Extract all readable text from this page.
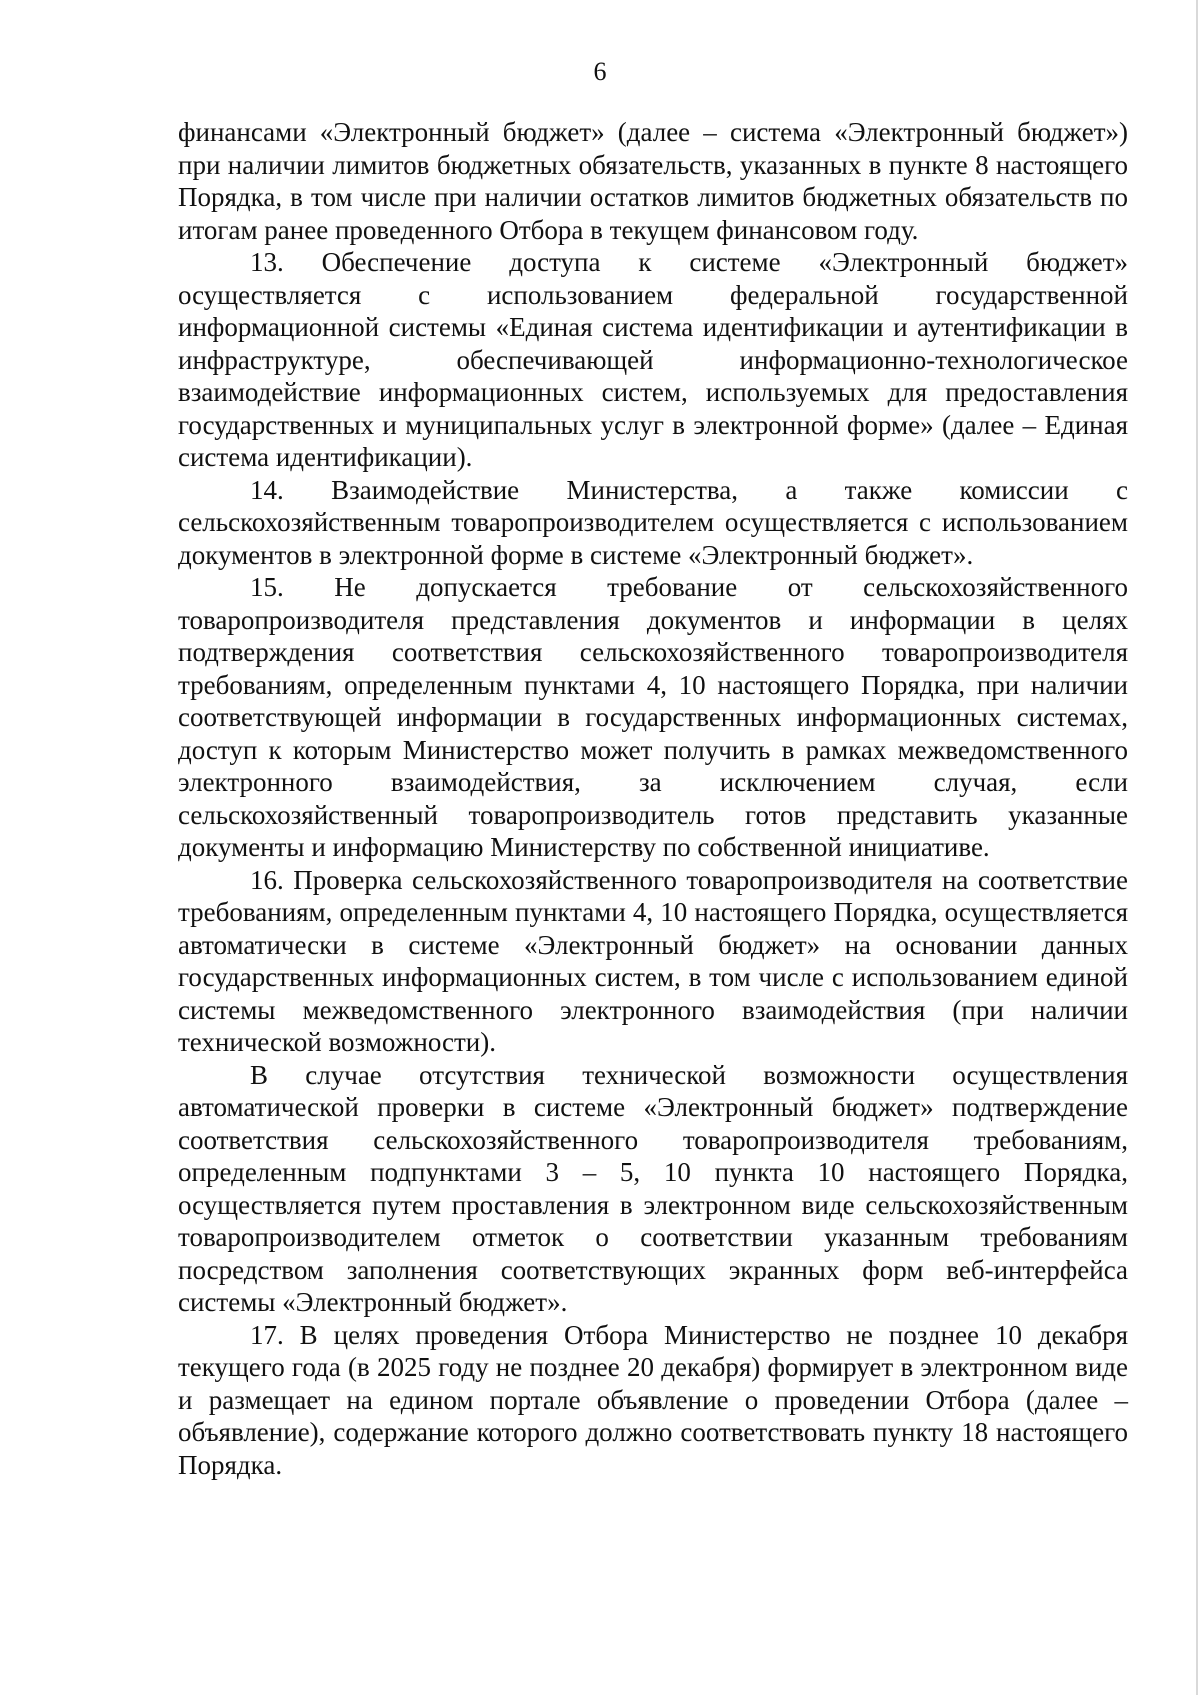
6

финансами «Электронный бюджет» (далее – система «Электронный бюджет») при наличии лимитов бюджетных обязательств, указанных в пункте 8 настоящего Порядка, в том числе при наличии остатков лимитов бюджетных обязательств по итогам ранее проведенного Отбора в текущем финансовом году.

13. Обеспечение доступа к системе «Электронный бюджет» осуществляется с использованием федеральной государственной информационной системы «Единая система идентификации и аутентификации в инфраструктуре, обеспечивающей информационно-технологическое взаимодействие информационных систем, используемых для предоставления государственных и муниципальных услуг в электронной форме» (далее – Единая система идентификации).

14. Взаимодействие Министерства, а также комиссии с сельскохозяйственным товаропроизводителем осуществляется с использованием документов в электронной форме в системе «Электронный бюджет».

15. Не допускается требование от сельскохозяйственного товаропроизводителя представления документов и информации в целях подтверждения соответствия сельскохозяйственного товаропроизводителя требованиям, определенным пунктами 4, 10 настоящего Порядка, при наличии соответствующей информации в государственных информационных системах, доступ к которым Министерство может получить в рамках межведомственного электронного взаимодействия, за исключением случая, если сельскохозяйственный товаропроизводитель готов представить указанные документы и информацию Министерству по собственной инициативе.

16. Проверка сельскохозяйственного товаропроизводителя на соответствие требованиям, определенным пунктами 4, 10 настоящего Порядка, осуществляется автоматически в системе «Электронный бюджет» на основании данных государственных информационных систем, в том числе с использованием единой системы межведомственного электронного взаимодействия (при наличии технической возможности).

В случае отсутствия технической возможности осуществления автоматической проверки в системе «Электронный бюджет» подтверждение соответствия сельскохозяйственного товаропроизводителя требованиям, определенным подпунктами 3 – 5, 10 пункта 10 настоящего Порядка, осуществляется путем проставления в электронном виде сельскохозяйственным товаропроизводителем отметок о соответствии указанным требованиям посредством заполнения соответствующих экранных форм веб-интерфейса системы «Электронный бюджет».

17. В целях проведения Отбора Министерство не позднее 10 декабря текущего года (в 2025 году не позднее 20 декабря) формирует в электронном виде и размещает на едином портале объявление о проведении Отбора (далее – объявление), содержание которого должно соответствовать пункту 18 настоящего Порядка.
